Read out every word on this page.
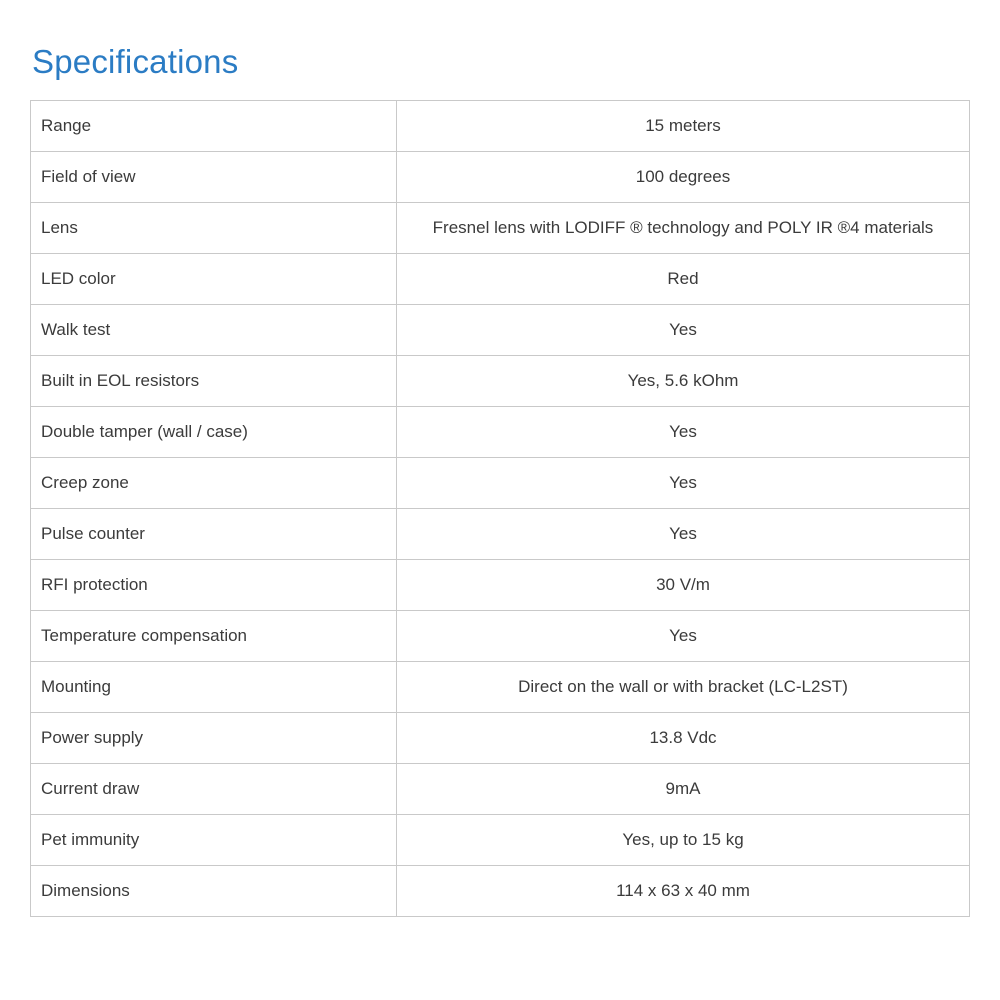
Specifications
Range	15 meters
Field of view	100 degrees
Lens	Fresnel lens with LODIFF ® technology and POLY IR ®4 materials
LED color	Red
Walk test	Yes
Built in EOL resistors	Yes, 5.6 kOhm
Double tamper (wall / case)	Yes
Creep zone	Yes
Pulse counter	Yes
RFI protection	30 V/m
Temperature compensation	Yes
Mounting	Direct on the wall or with bracket (LC-L2ST)
Power supply	13.8 Vdc
Current draw	9mA
Pet immunity	Yes, up to 15 kg
Dimensions	114 x 63 x 40 mm
